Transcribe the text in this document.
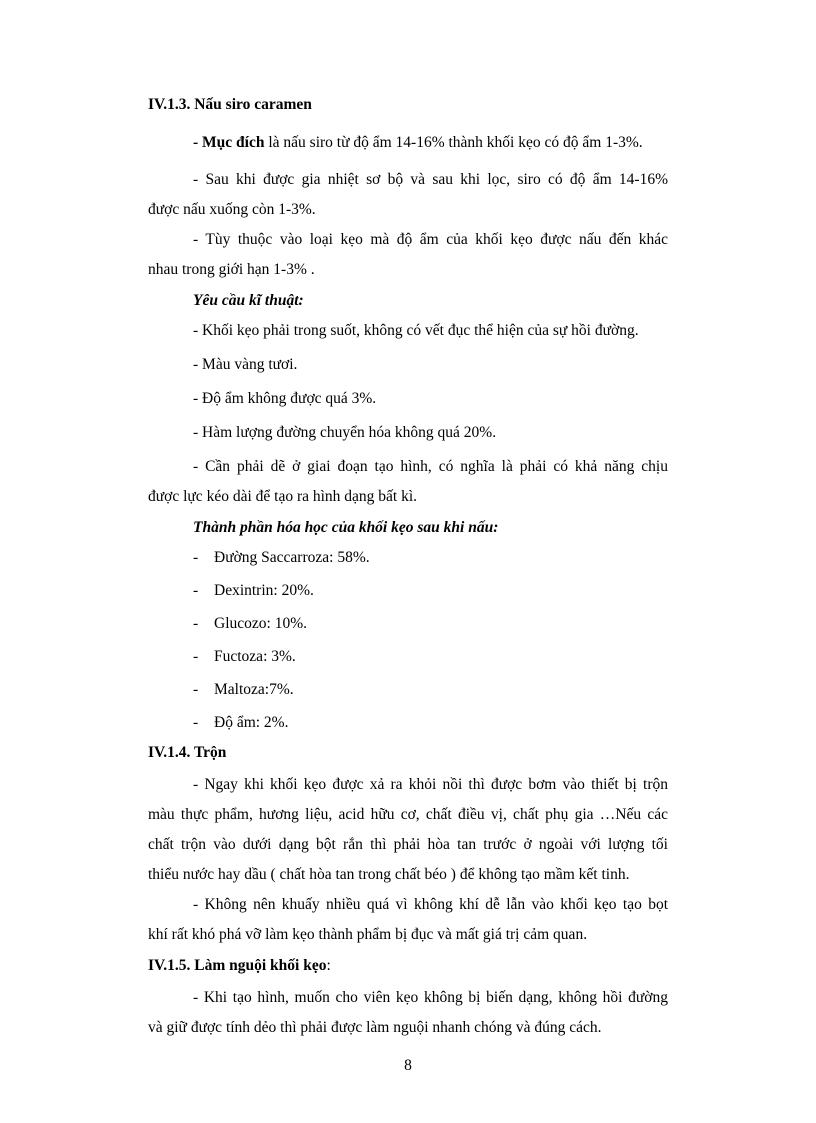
IV.1.3. Nấu siro caramen
- Mục đích là nấu siro từ độ ẩm 14-16% thành khối kẹo có độ ẩm 1-3%.
- Sau khi được gia nhiệt sơ bộ và sau khi lọc, siro có độ ẩm 14-16%
được nấu xuống còn 1-3%.
- Tùy thuộc vào loại kẹo mà độ ẩm của khối kẹo được nấu đến khác
nhau trong giới hạn 1-3% .
Yêu cầu kĩ thuật:
- Khối kẹo phải trong suốt, không có vết đục thể hiện của sự hồi đường.
- Màu vàng tươi.
- Độ ẩm không được quá 3%.
- Hàm lượng đường chuyển hóa không quá 20%.
- Cần phải dẽ ở giai đoạn tạo hình, có nghĩa là phải có khả năng chịu
được lực kéo dài để tạo ra hình dạng bất kì.
Thành phần hóa học của khối kẹo sau khi nấu:
- Đường Saccarroza: 58%.
- Dexintrin: 20%.
- Glucozo: 10%.
- Fuctoza: 3%.
- Maltoza:7%.
- Độ ẩm: 2%.
IV.1.4. Trộn
- Ngay khi khối kẹo được xả ra khỏi nồi thì được bơm vào thiết bị trộn
màu thực phẩm, hương liệu, acid hữu cơ, chất điều vị, chất phụ gia …Nếu các
chất trộn vào dưới dạng bột rắn thì phải hòa tan trước ở ngoài với lượng tối
thiểu nước hay dầu ( chất hòa tan trong chất béo ) để không tạo mầm kết tinh.
- Không nên khuấy nhiều quá vì không khí dễ lẫn vào khối kẹo tạo bọt
khí rất khó phá vỡ làm kẹo thành phẩm bị đục và mất giá trị cảm quan.
IV.1.5. Làm nguội khối kẹo:
- Khi tạo hình, muốn cho viên kẹo không bị biến dạng, không hồi đường
và giữ được tính dẻo thì phải được làm nguội nhanh chóng và đúng cách.
8
